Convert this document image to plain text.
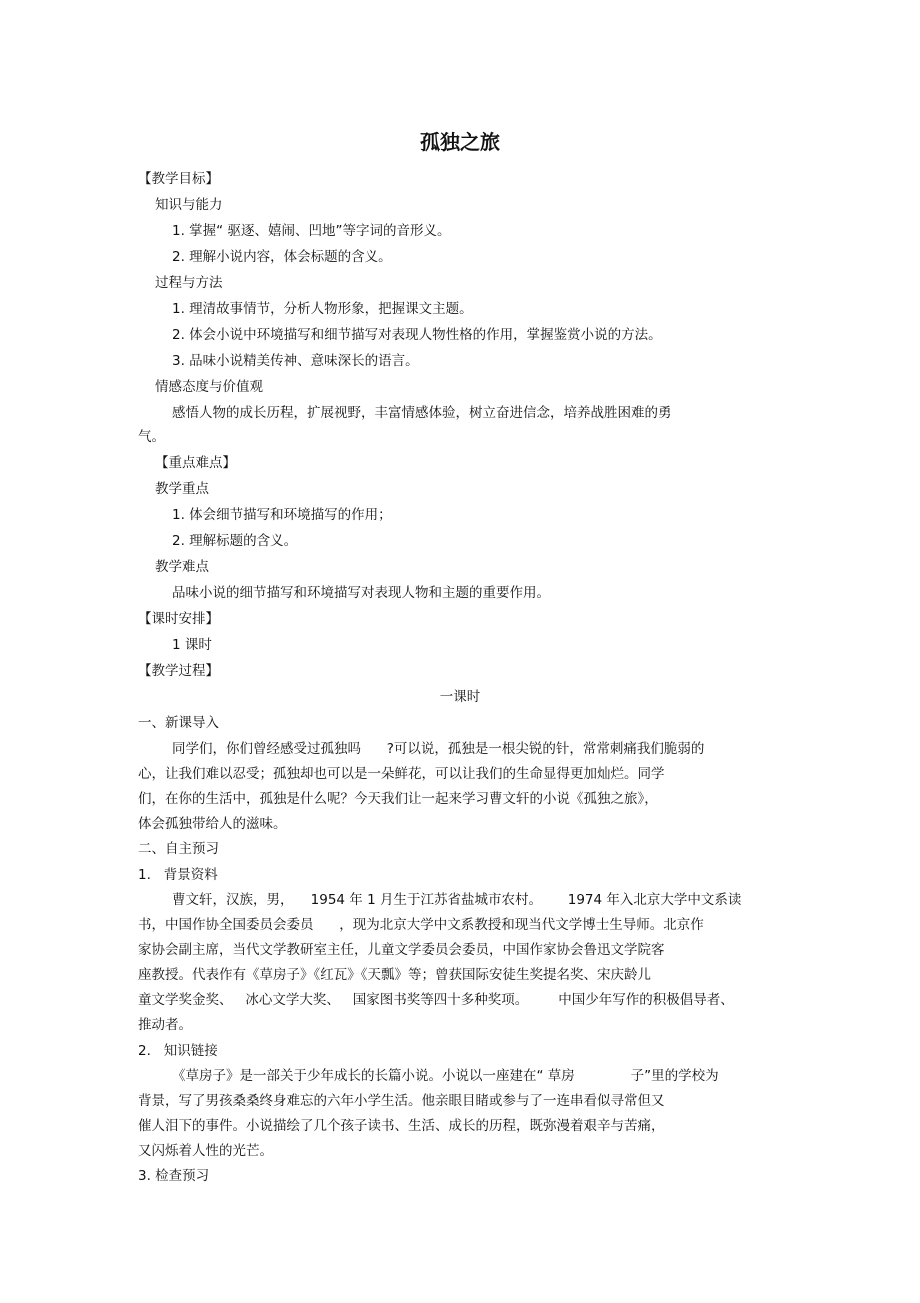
孤独之旅
【教学目标】
知识与能力
1. 掌握“ 驱逐、嬉闹、凹地”等字词的音形义。
2. 理解小说内容，体会标题的含义。
过程与方法
1. 理清故事情节，分析人物形象，把握课文主题。
2. 体会小说中环境描写和细节描写对表现人物性格的作用，掌握鉴赏小说的方法。
3. 品味小说精美传神、意味深长的语言。
情感态度与价值观
感悟人物的成长历程，扩展视野，丰富情感体验，树立奋进信念，培养战胜困难的勇
气。
【重点难点】
教学重点
1. 体会细节描写和环境描写的作用；
2. 理解标题的含义。
教学难点
品味小说的细节描写和环境描写对表现人物和主题的重要作用。
【课时安排】
1 课时
【教学过程】
一课时
一、新课导入
同学们，你们曾经感受过孤独吗      ?可以说，孤独是一根尖锐的针，常常刺痛我们脆弱的
心，让我们难以忍受；孤独却也可以是一朵鲜花，可以让我们的生命显得更加灿烂。同学
们，在你的生活中，孤独是什么呢？今天我们让一起来学习曹文轩的小说《孤独之旅》，
体会孤独带给人的滋味。
二、自主预习
1.   背景资料
曹文轩，汉族，男，    1954 年 1 月生于江苏省盐城市农村。      1974 年入北京大学中文系读
书，中国作协全国委员会委员      ，现为北京大学中文系教授和现当代文学博士生导师。北京作
家协会副主席，当代文学教研室主任，儿童文学委员会委员，中国作家协会鲁迅文学院客
座教授。代表作有《草房子》《红瓦》《天瓢》等；曾获国际安徒生奖提名奖、宋庆龄儿
童文学奖金奖、   冰心文学大奖、   国家图书奖等四十多种奖项。       中国少年写作的积极倡导者、
推动者。
2.   知识链接
《草房子》是一部关于少年成长的长篇小说。小说以一座建在“ 草房             子”里的学校为
背景，写了男孩桑桑终身难忘的六年小学生活。他亲眼目睹或参与了一连串看似寻常但又
催人泪下的事件。小说描绘了几个孩子读书、生活、成长的历程，既弥漫着艰辛与苦痛，
又闪烁着人性的光芒。
3. 检查预习
